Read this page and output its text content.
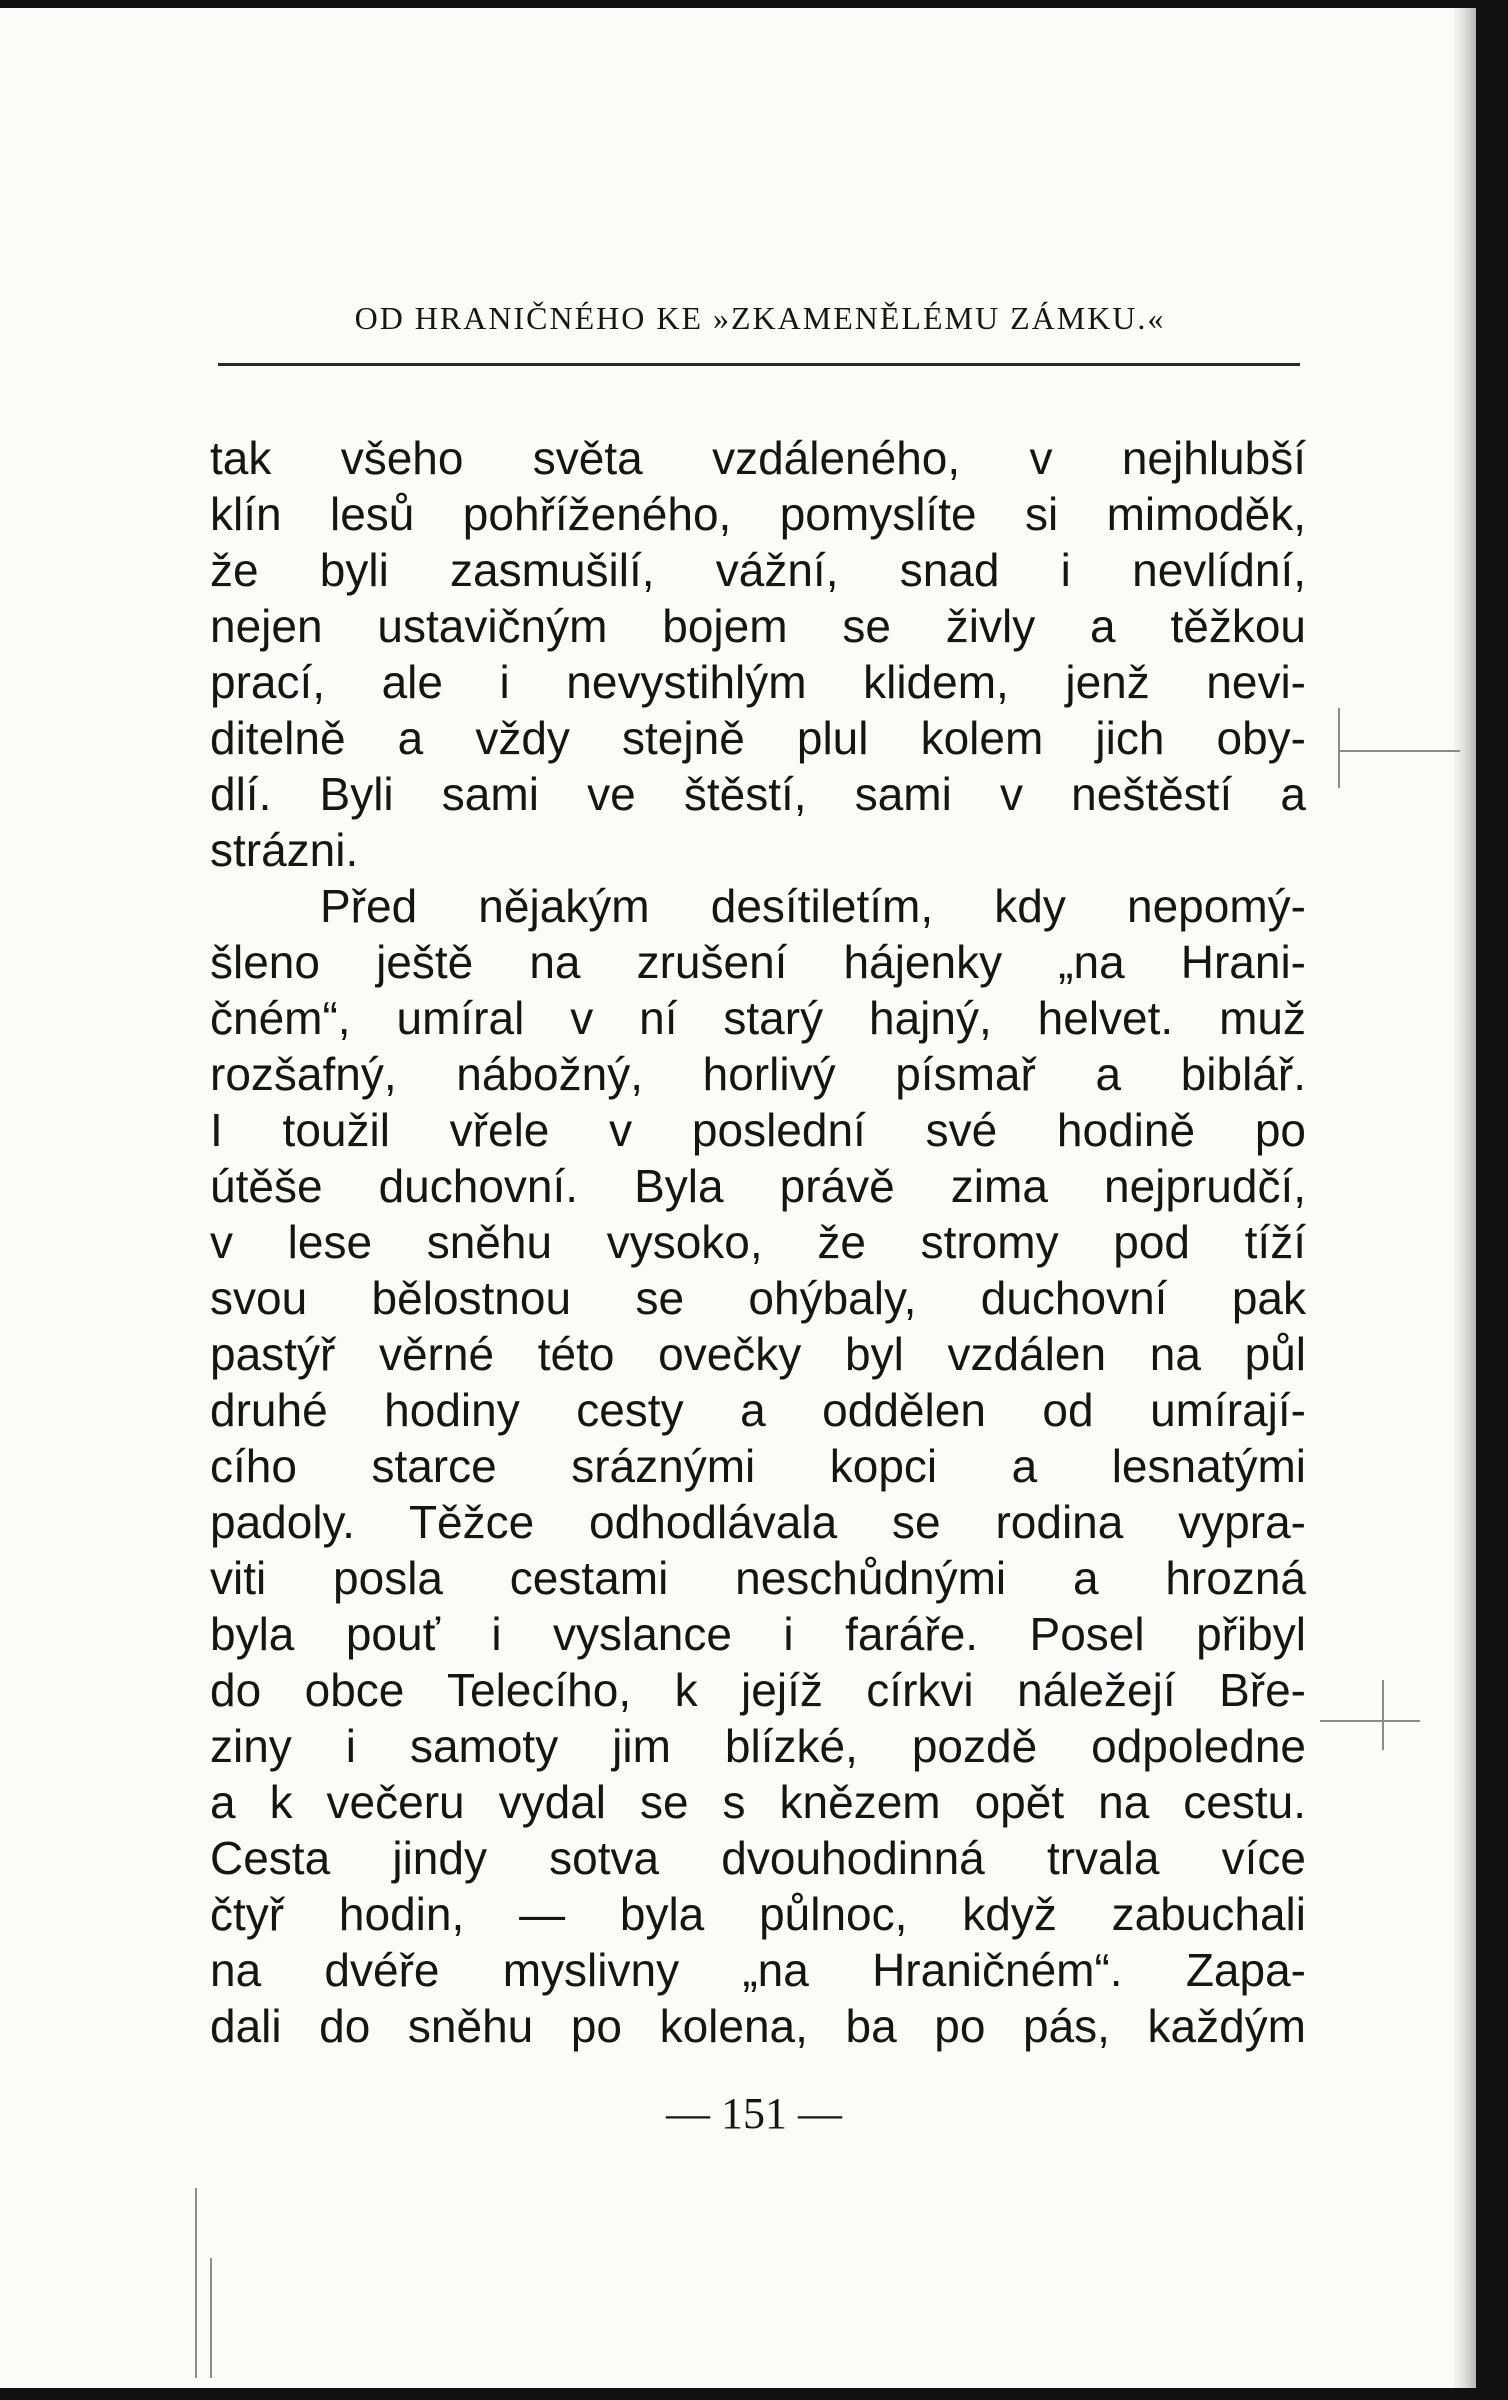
OD HRANIČNÉHO KE »ZKAMENĚLÉMU ZÁMKU.«
tak všeho světa vzdáleného, v nejhlubší
klín lesů pohříženého, pomyslíte si mimoděk,
že byli zasmušilí, vážní, snad i nevlídní,
nejen ustavičným bojem se živly a těžkou
prací, ale i nevystihlým klidem, jenž nevi-
ditelně a vždy stejně plul kolem jich oby-
dlí. Byli sami ve štěstí, sami v neštěstí a
strázni.
Před nějakým desítiletím, kdy nepomý-
šleno ještě na zrušení hájenky „na Hrani-
čném“, umíral v ní starý hajný, helvet. muž
rozšafný, nábožný, horlivý písmař a biblář.
I toužil vřele v poslední své hodině po
útěše duchovní. Byla právě zima nejprudčí,
v lese sněhu vysoko, že stromy pod tíží
svou bělostnou se ohýbaly, duchovní pak
pastýř věrné této ovečky byl vzdálen na půl
druhé hodiny cesty a oddělen od umírají-
cího starce sráznými kopci a lesnatými
padoly. Těžce odhodlávala se rodina vypra-
viti posla cestami neschůdnými a hrozná
byla pouť i vyslance i faráře. Posel přibyl
do obce Telecího, k jejíž církvi náležejí Bře-
ziny i samoty jim blízké, pozdě odpoledne
a k večeru vydal se s knězem opět na cestu.
Cesta jindy sotva dvouhodinná trvala více
čtyř hodin, — byla půlnoc, když zabuchali
na dvéře myslivny „na Hraničném“. Zapa-
dali do sněhu po kolena, ba po pás, každým
— 151 —
